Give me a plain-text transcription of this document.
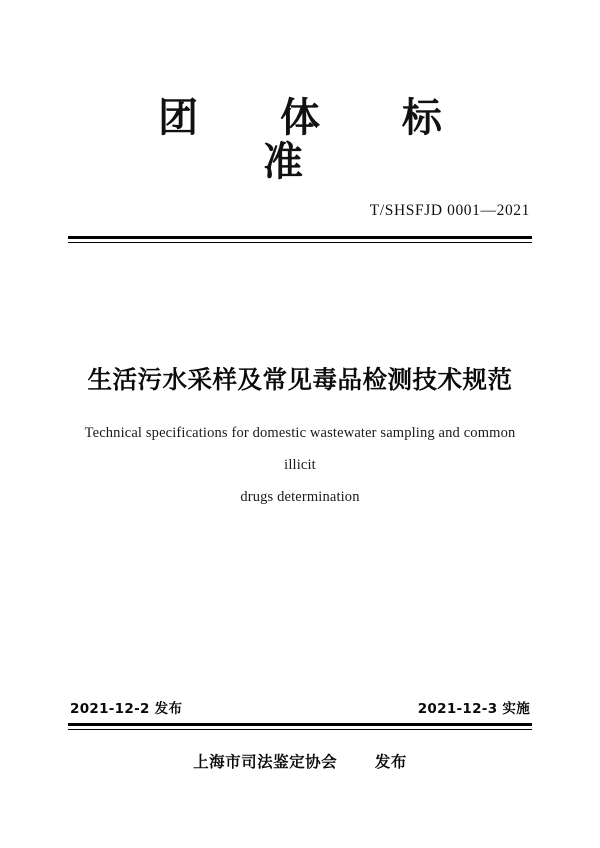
团 体 标 准
T/SHSFJD 0001—2021
生活污水采样及常见毒品检测技术规范
Technical specifications for domestic wastewater sampling and common illicit
drugs determination
2021-12-2 发布	2021-12-3 实施
上海市司法鉴定协会 发布
